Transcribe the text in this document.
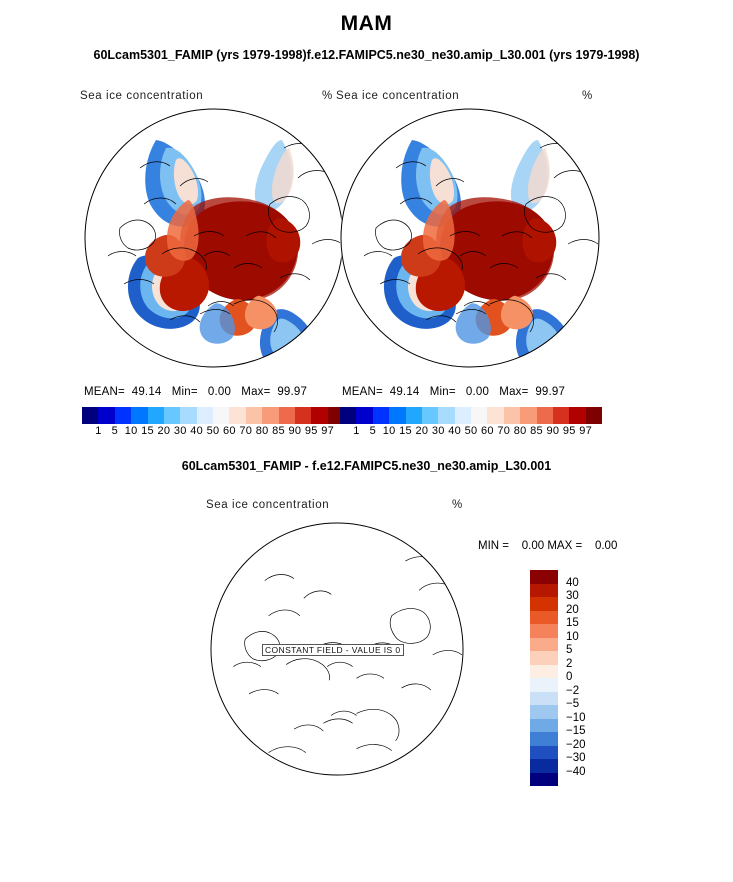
MAM
60Lcam5301_FAMIP (yrs 1979-1998)f.e12.FAMIPC5.ne30_ne30.amip_L30.001 (yrs 1979-1998)
Sea ice concentration	% Sea ice concentration	%
MEAN=  49.14   Min=   0.00   Max=  99.97
1 5 10 15 20 30 40 50 60 70 80 85 90 95 97
MEAN=  49.14   Min=   0.00   Max=  99.97
1 5 10 15 20 30 40 50 60 70 80 85 90 95 97
60Lcam5301_FAMIP - f.e12.FAMIPC5.ne30_ne30.amip_L30.001
Sea ice concentration	%
MIN =    0.00 MAX =    0.00
CONSTANT FIELD - VALUE IS 0
40
30
20
15
10
5
2
0
−2
−5
−10
−15
−20
−30
−40
